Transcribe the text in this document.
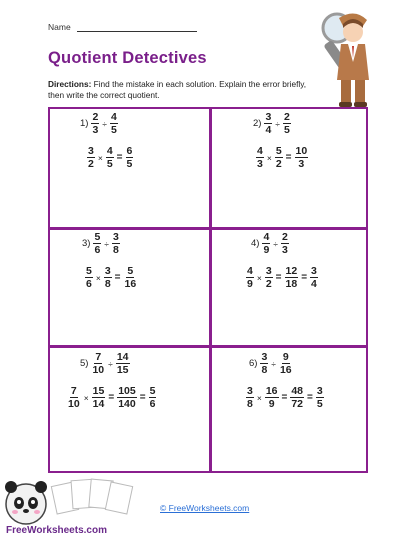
Name
Quotient Detectives
Directions: Find the mistake in each solution. Explain the error briefly, then write the correct quotient.
$1) \frac{2}{3} \div \frac{4}{5}$
$\frac{3}{2} \times \frac{4}{5} = \frac{6}{5}$
$2) \frac{3}{4} \div \frac{2}{5}$
$\frac{4}{3} \times \frac{5}{2} = \frac{10}{3}$
$3) \frac{5}{6} \div \frac{3}{8}$
$\frac{5}{6} \times \frac{3}{8} = \frac{5}{16}$
$4) \frac{4}{9} \div \frac{2}{3}$
$\frac{4}{9} \times \frac{3}{2} = \frac{12}{18} = \frac{3}{4}$
$5) \frac{7}{10} \div \frac{14}{15}$
$\frac{7}{10} \times \frac{15}{14} = \frac{105}{140} = \frac{5}{6}$
$6) \frac{3}{8} \div \frac{9}{16}$
$\frac{3}{8} \times \frac{16}{9} = \frac{48}{72} = \frac{3}{5}$
FreeWorksheets.com
© FreeWorksheets.com
